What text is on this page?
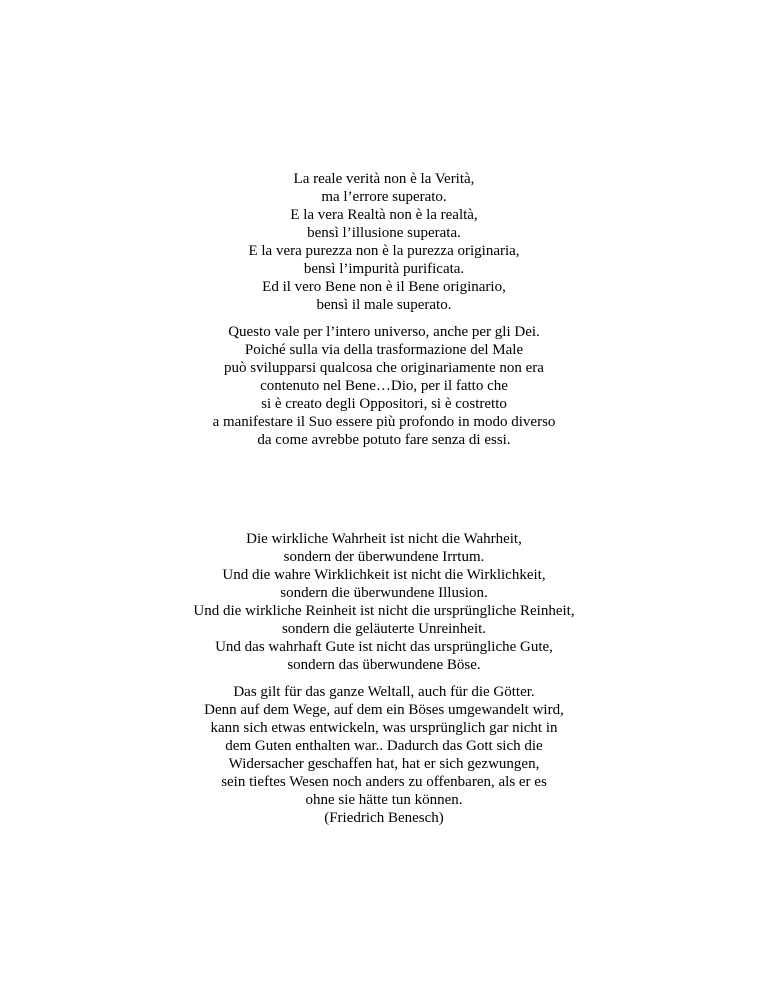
La reale verità non è la Verità,
ma l’errore superato.
E la vera Realtà non è la realtà,
bensì l’illusione superata.
E la vera purezza non è la purezza originaria,
bensì l’impurità purificata.
Ed il vero Bene non è il Bene originario,
bensì il male superato.
Questo vale per l’intero universo, anche per gli Dei.
Poiché sulla via della trasformazione del Male
può svilupparsi qualcosa che originariamente non era
contenuto nel Bene…Dio, per il fatto che
si è creato degli Oppositori, si è costretto
a manifestare il Suo essere più profondo in modo diverso
da come avrebbe potuto fare senza di essi.
Die wirkliche Wahrheit ist nicht die Wahrheit,
sondern der überwundene Irrtum.
Und die wahre Wirklichkeit ist nicht die Wirklichkeit,
sondern die überwundene Illusion.
Und die wirkliche Reinheit ist nicht die ursprüngliche Reinheit,
sondern die geläuterte Unreinheit.
Und das wahrhaft Gute ist nicht das ursprüngliche Gute,
sondern das überwundene Böse.
Das gilt für das ganze Weltall, auch für die Götter.
Denn auf dem Wege, auf dem ein Böses umgewandelt wird,
kann sich etwas entwickeln, was ursprünglich gar nicht in
dem Guten enthalten war.. Dadurch das Gott sich die
Widersacher geschaffen hat, hat er sich gezwungen,
sein tieftes Wesen noch anders zu offenbaren, als er es
ohne sie hätte tun können.
(Friedrich Benesch)
